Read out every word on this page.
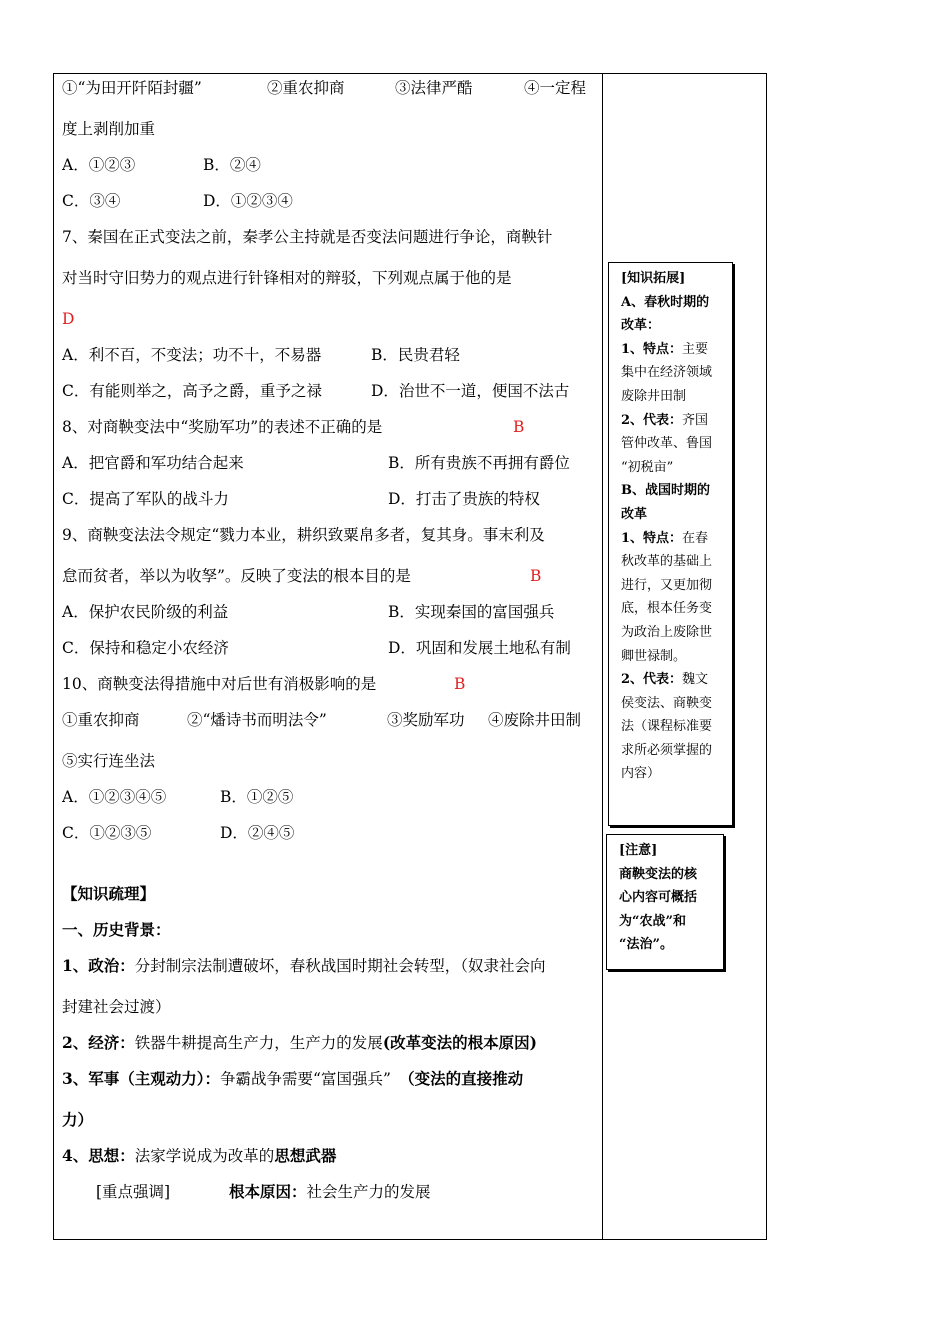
①“为田开阡陌封疆”	②重农抑商	③法律严酷	④一定程
度上剥削加重
A．①②③	B．②④
C．③④	D．①②③④
7、秦国在正式变法之前，秦孝公主持就是否变法问题进行争论，商鞅针
对当时守旧势力的观点进行针锋相对的辩驳，下列观点属于他的是
D
A．利不百，不变法；功不十，不易器	B．民贵君轻
C．有能则举之，高予之爵，重予之禄	D．治世不一道，便国不法古
8、对商鞅变法中“奖励军功”的表述不正确的是	B
A．把官爵和军功结合起来	B．所有贵族不再拥有爵位
C．提高了军队的战斗力	D．打击了贵族的特权
9、商鞅变法法令规定“戮力本业，耕织致粟帛多者，复其身。事末利及
怠而贫者，举以为收孥”。反映了变法的根本目的是	B
A．保护农民阶级的利益	B．实现秦国的富国强兵
C．保持和稳定小农经济	D．巩固和发展土地私有制
10、商鞅变法得措施中对后世有消极影响的是	B
①重农抑商	②“燔诗书而明法令”	③奖励军功 ④废除井田制
⑤实行连坐法
A．①②③④⑤	B．①②⑤
C．①②③⑤	D．②④⑤
【知识疏理】
一、历史背景：
1、政治：分封制宗法制遭破坏，春秋战国时期社会转型，（奴隶社会向
封建社会过渡）
2、经济：铁器牛耕提高生产力，生产力的发展(改革变法的根本原因)
3、军事（主观动力）：争霸战争需要“富国强兵” （变法的直接推动
力）
4、思想：法家学说成为改革的思想武器
[重点强调]	根本原因：社会生产力的发展
[知识拓展]
A、春秋时期的
改革：
1、特点：主要
集中在经济领域
废除井田制
2、代表：齐国
管仲改革、鲁国
“初税亩”
B、战国时期的
改革
1、特点：在春
秋改革的基础上
进行，又更加彻
底，根本任务变
为政治上废除世
卿世禄制。
2、代表：魏文
侯变法、商鞅变
法（课程标准要
求所必须掌握的
内容）
[注意]
商鞅变法的核
心内容可概括
为“农战”和
“法治”。
